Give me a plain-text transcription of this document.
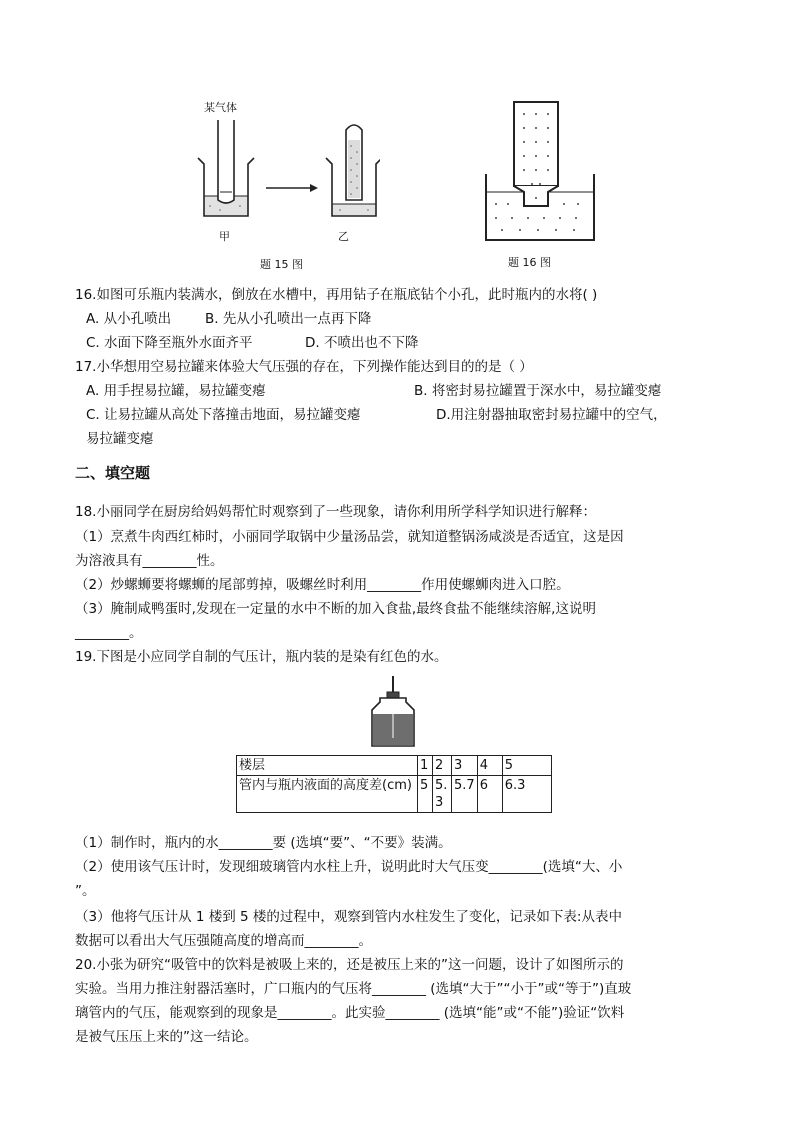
某气体
甲	乙
题 15 图	题 16 图
16.如图可乐瓶内装满水，倒放在水槽中，再用钻子在瓶底钻个小孔，此时瓶内的水将( )
A. 从小孔喷出	B. 先从小孔喷出一点再下降
C. 水面下降至瓶外水面齐平	D. 不喷出也不下降
17.小华想用空易拉罐来体验大气压强的存在，下列操作能达到目的的是（ ）
A. 用手捏易拉罐，易拉罐变瘪	B. 将密封易拉罐置于深水中，易拉罐变瘪
C. 让易拉罐从高处下落撞击地面，易拉罐变瘪	D.用注射器抽取密封易拉罐中的空气，
易拉罐变瘪
二、填空题
18.小丽同学在厨房给妈妈帮忙时观察到了一些现象，请你利用所学科学知识进行解释：
（1）烹煮牛肉西红柿时，小丽同学取锅中少量汤品尝，就知道整锅汤咸淡是否适宜，这是因
为溶液具有________性。
（2）炒螺蛳要将螺蛳的尾部剪掉，吸螺丝时利用________作用使螺蛳肉进入口腔。
（3）腌制咸鸭蛋时,发现在一定量的水中不断的加入食盐,最终食盐不能继续溶解,这说明
________。
19.下图是小应同学自制的气压计，瓶内装的是染有红色的水。
楼层	1	2	3	4	5
管内与瓶内液面的高度差(cm)	5	5.3	5.7	6	6.3
（1）制作时，瓶内的水________要 (选填“要”、“不要》装满。
（2）使用该气压计时，发现细玻璃管内水柱上升，说明此时大气压变________(选填“大、小
”。
（3）他将气压计从 1 楼到 5 楼的过程中，观察到管内水柱发生了变化，记录如下表:从表中
数据可以看出大气压强随高度的增高而________。
20.小张为研究“吸管中的饮料是被吸上来的，还是被压上来的”这一问题，设计了如图所示的
实验。当用力推注射器活塞时，广口瓶内的气压将________ (选填“大于”“小于”或“等于”)直玻
璃管内的气压，能观察到的现象是________。此实验________ (选填“能”或“不能”)验证“饮料
是被气压压上来的”这一结论。
